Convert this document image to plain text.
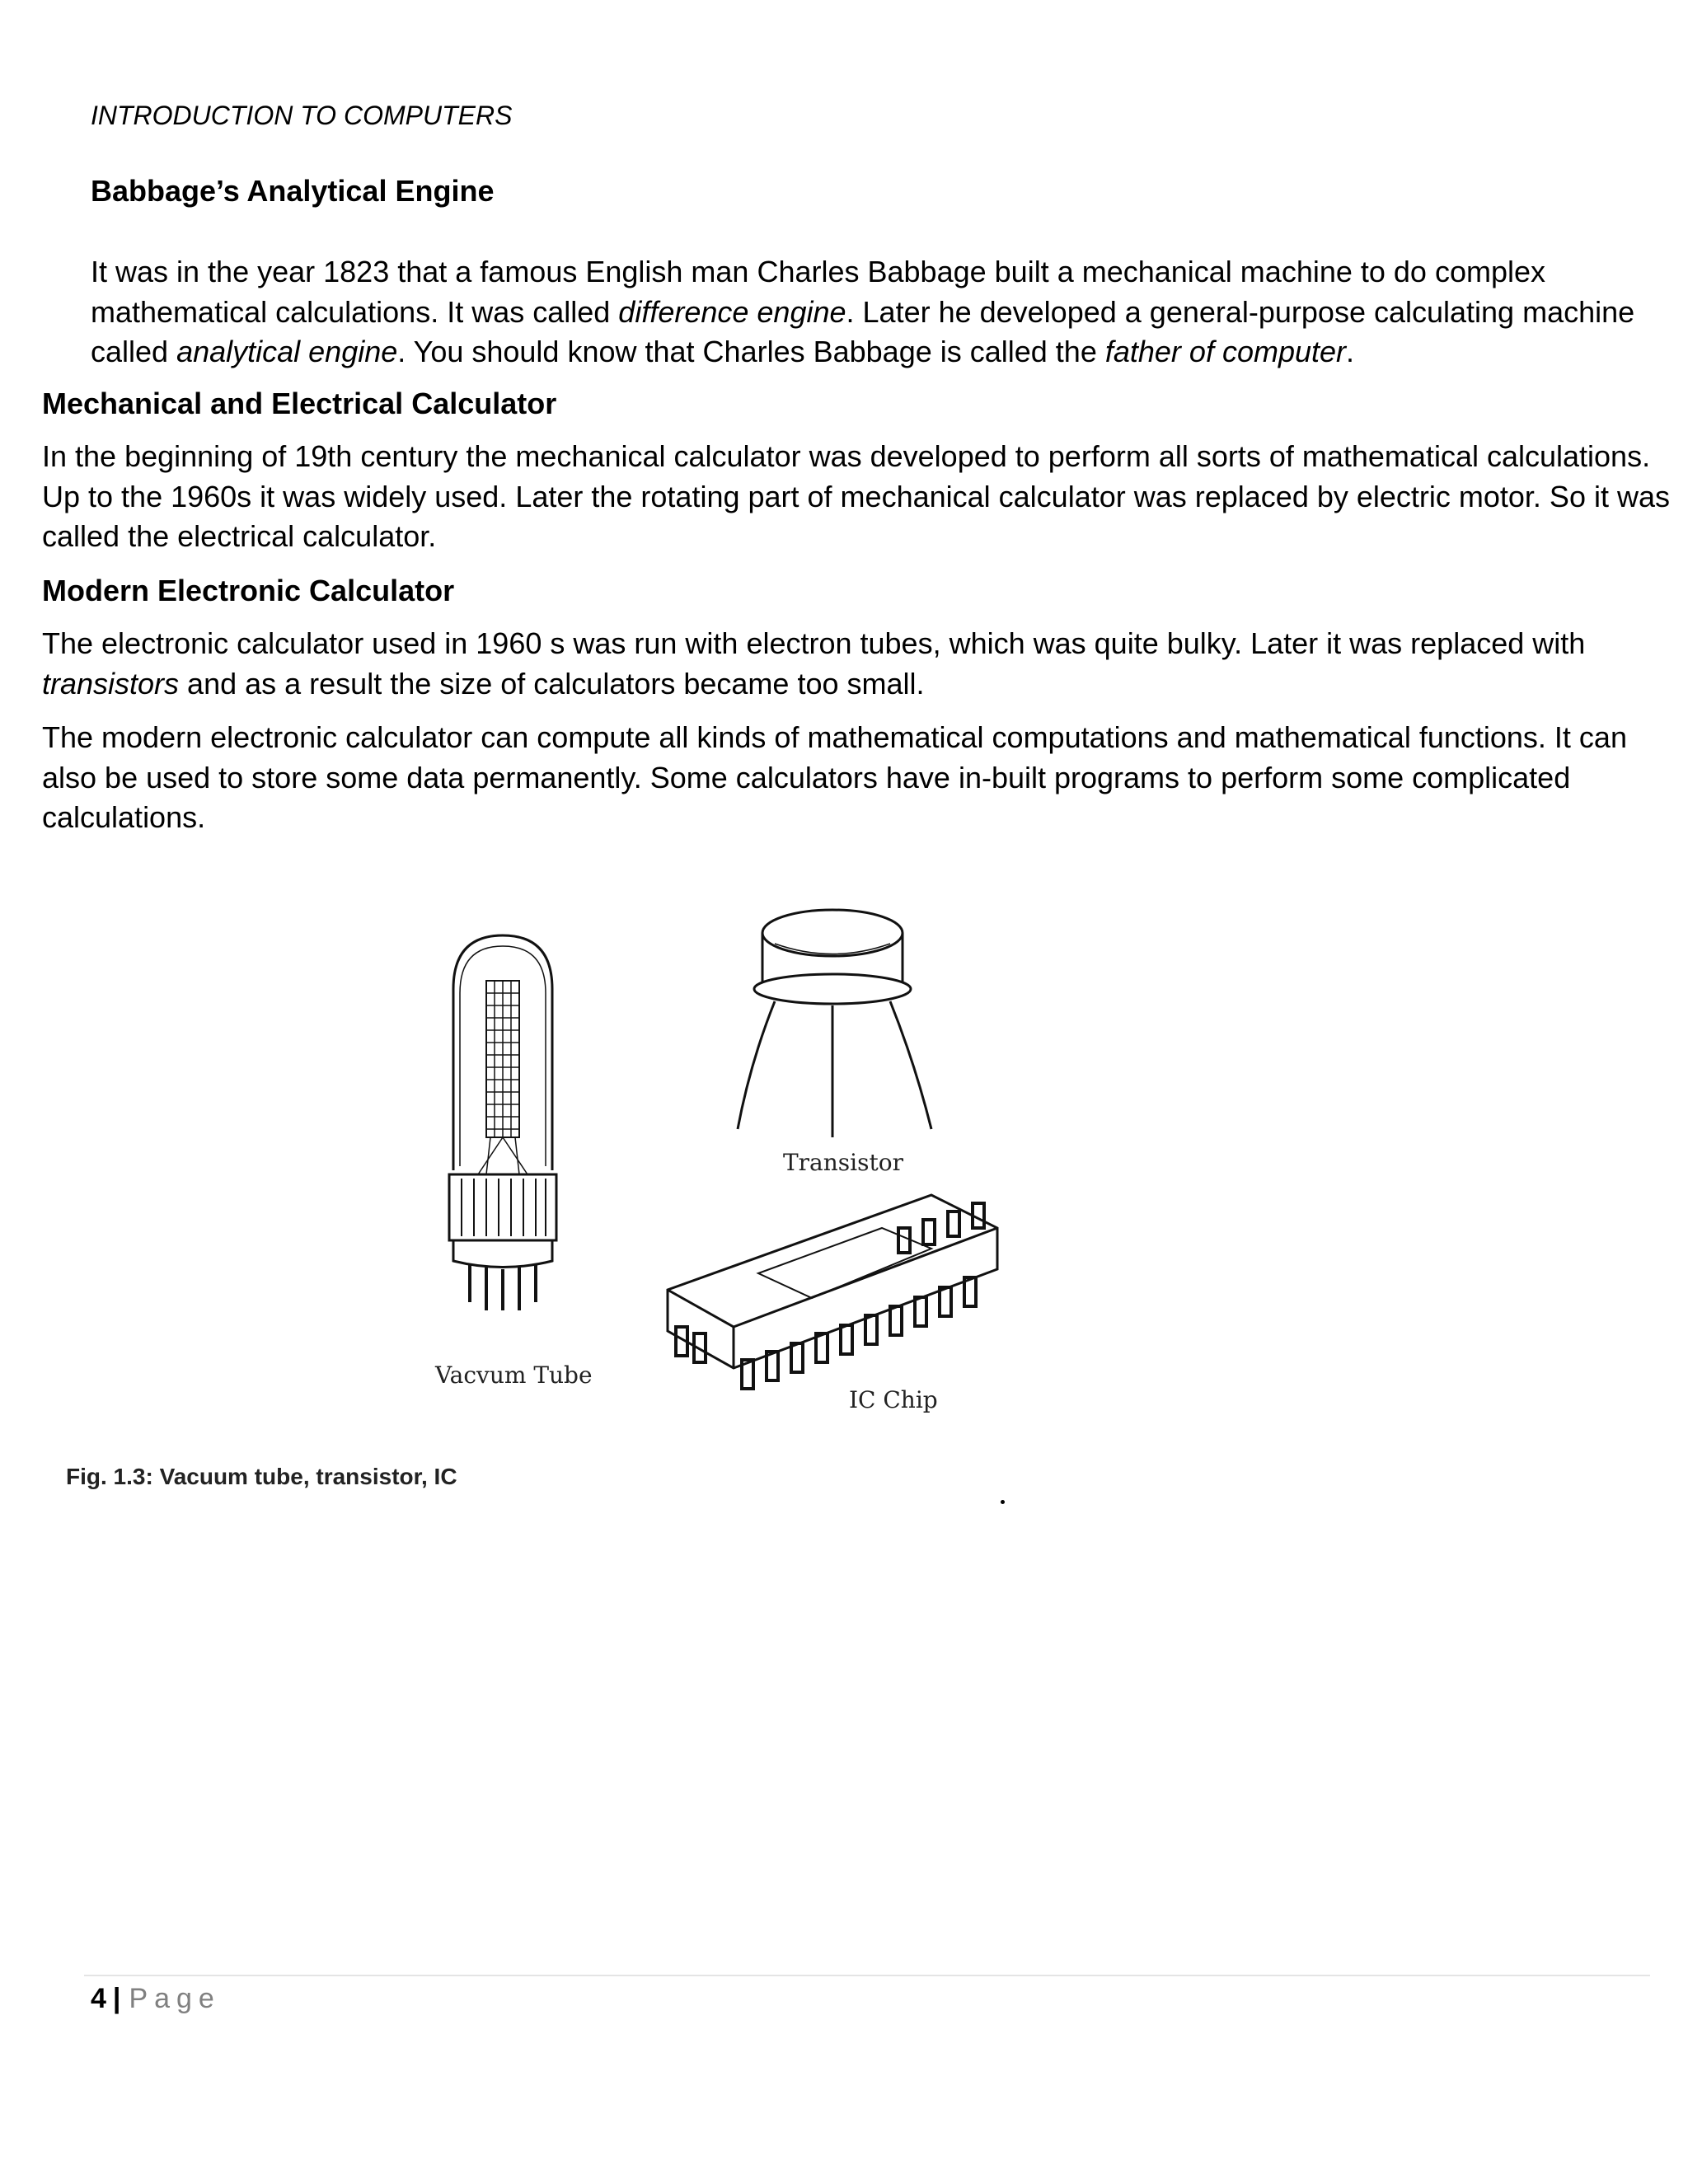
INTRODUCTION TO COMPUTERS
Babbage’s Analytical Engine

It was in the year 1823 that a famous English man Charles Babbage built a mechanical machine to do complex mathematical calculations. It was called difference engine. Later he developed a general-purpose calculating machine called analytical engine. You should know that Charles Babbage is called the father of computer.

Mechanical and Electrical Calculator

In the beginning of 19th century the mechanical calculator was developed to perform all sorts of mathematical calculations. Up to the 1960s it was widely used. Later the rotating part of mechanical calculator was replaced by electric motor. So it was called the electrical calculator.

Modern Electronic Calculator

The electronic calculator used in 1960 s was run with electron tubes, which was quite bulky. Later it was replaced with transistors and as a result the size of calculators became too small.

The modern electronic calculator can compute all kinds of mathematical computations and mathematical functions. It can also be used to store some data permanently. Some calculators have in-built programs to perform some complicated calculations.

Vacvum Tube
Transistor
IC Chip
Fig. 1.3: Vacuum tube, transistor, IC
4 | Page
